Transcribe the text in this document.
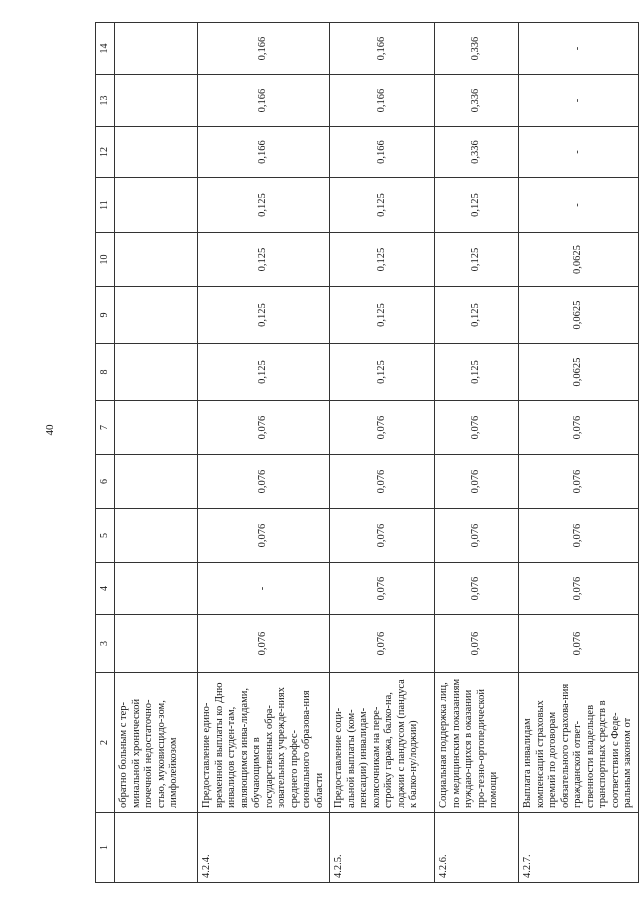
40
1	2	3	4	5	6	7	8	9	10	11	12	13	14
	обратно больным с тер-минальной хронической почечной недостаточно-стью, муковисцидо-зом, лимфолейкозом												
4.2.4.	Предоставление едино-временной выплаты ко Дню инвалидов студен-там, являющимся инва-лидами, обучающимся в государственных обра-зовательных учрежде-ниях среднего профес-сионального образова-ния области	0,076	-	0,076	0,076	0,076	0,125	0,125	0,125	0,125	0,166	0,166	0,166
4.2.5.	Предоставление соци-альной выплаты (ком-пенсации) инвалидам-колясочникам на пере-стройку гаража, балко-на, лоджии с пандусом (пандуса к балко-ну/лоджии)	0,076	0,076	0,076	0,076	0,076	0,125	0,125	0,125	0,125	0,166	0,166	0,166
4.2.6.	Социальная поддержка лиц, по медицинским показаниям нуждаю-щихся в оказании про-тезно-ортопедической помощи	0,076	0,076	0,076	0,076	0,076	0,125	0,125	0,125	0,125	0,336	0,336	0,336
4.2.7.	Выплата инвалидам компенсаций страховых премий по договорам обязательного страхова-ния гражданской ответ-ственности владельцев транспортных средств в соответствии с Феде-ральным законом от	0,076	0,076	0,076	0,076	0,076	0,0625	0,0625	0,0625	-	-	-	-
